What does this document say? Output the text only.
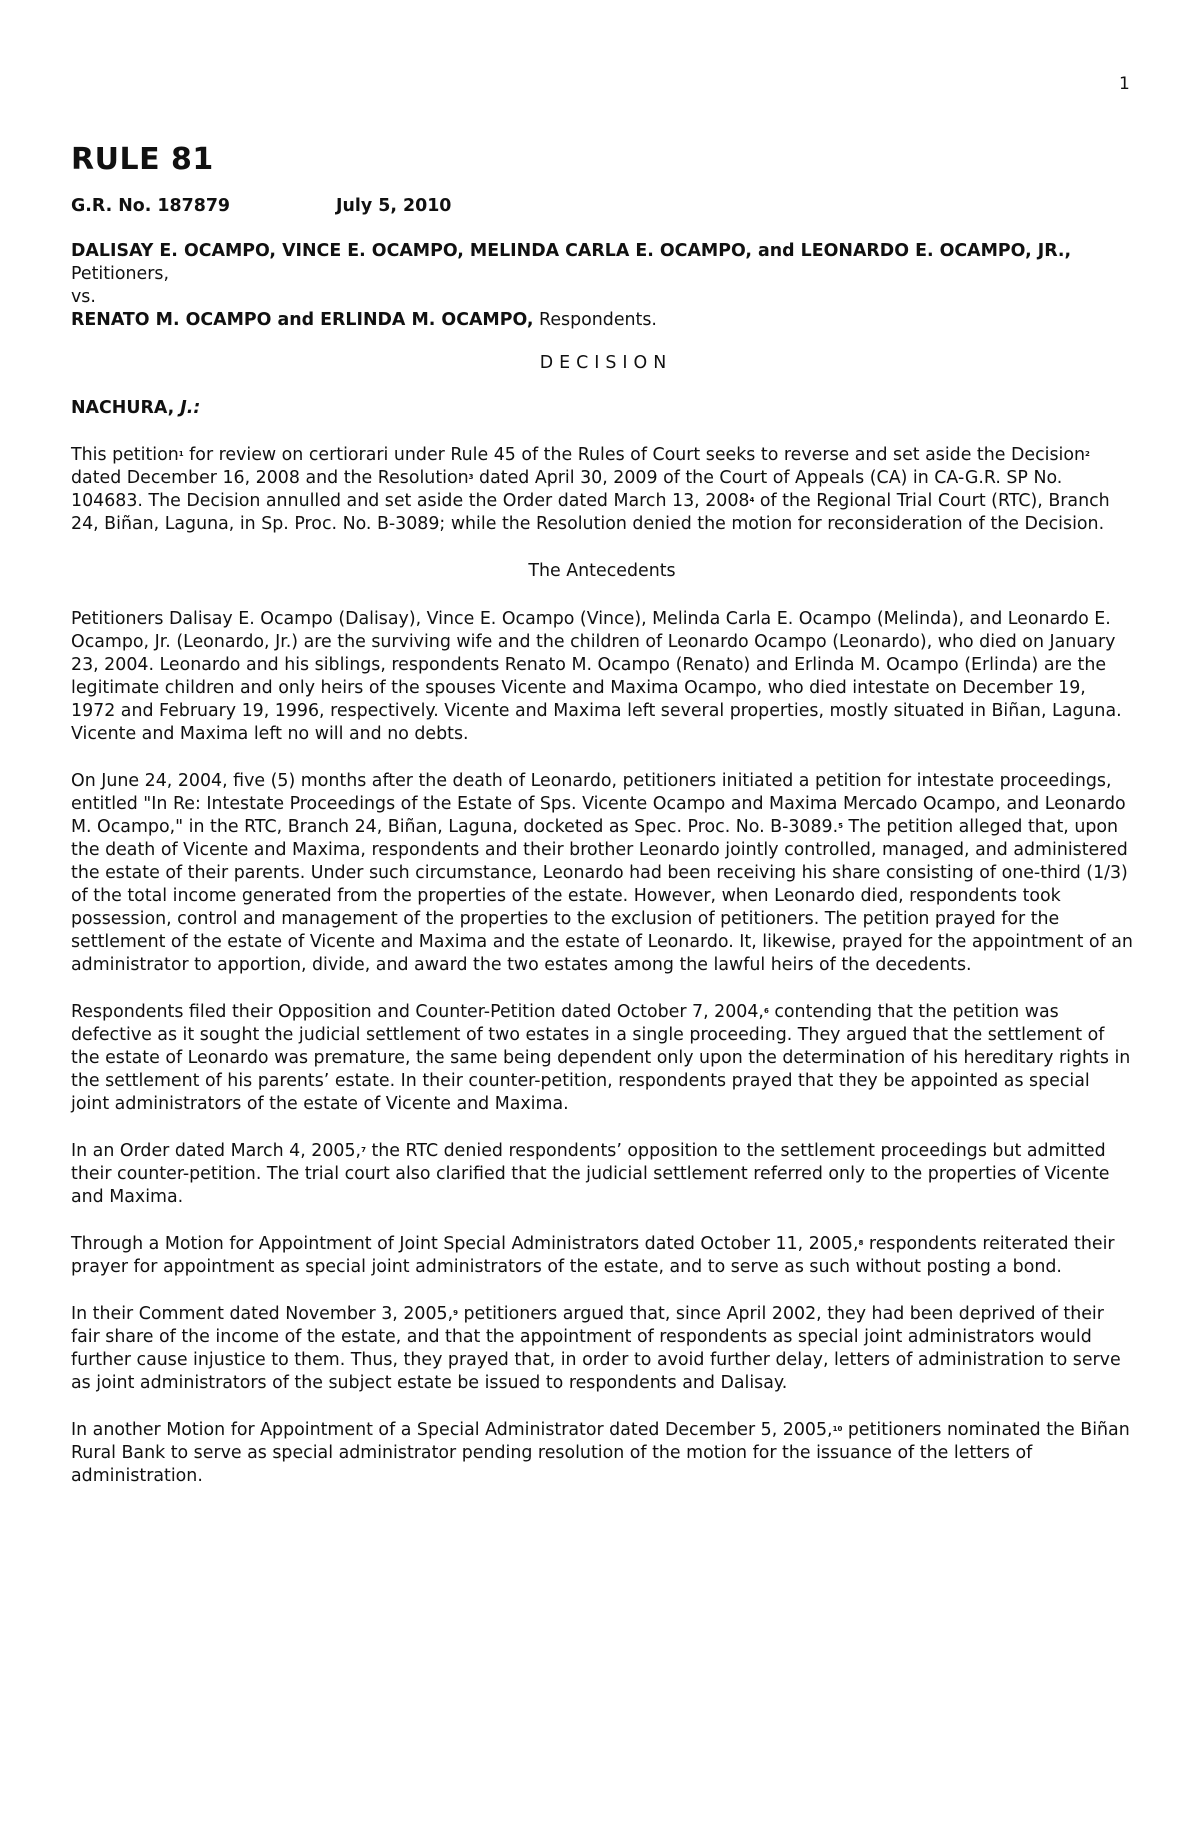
1
RULE 81
G.R. No. 187879	July 5, 2010
DALISAY E. OCAMPO, VINCE E. OCAMPO, MELINDA CARLA E. OCAMPO, and LEONARDO E. OCAMPO, JR., Petitioners,
vs.
RENATO M. OCAMPO and ERLINDA M. OCAMPO, Respondents.
DECISION
NACHURA, J.:

This petition$^1$ for review on certiorari under Rule 45 of the Rules of Court seeks to reverse and set aside the Decision$^2$ dated December 16, 2008 and the Resolution$^3$ dated April 30, 2009 of the Court of Appeals (CA) in CA-G.R. SP No. 104683. The Decision annulled and set aside the Order dated March 13, 2008$^4$ of the Regional Trial Court (RTC), Branch 24, Biñan, Laguna, in Sp. Proc. No. B-3089; while the Resolution denied the motion for reconsideration of the Decision.

The Antecedents

Petitioners Dalisay E. Ocampo (Dalisay), Vince E. Ocampo (Vince), Melinda Carla E. Ocampo (Melinda), and Leonardo E. Ocampo, Jr. (Leonardo, Jr.) are the surviving wife and the children of Leonardo Ocampo (Leonardo), who died on January 23, 2004. Leonardo and his siblings, respondents Renato M. Ocampo (Renato) and Erlinda M. Ocampo (Erlinda) are the legitimate children and only heirs of the spouses Vicente and Maxima Ocampo, who died intestate on December 19, 1972 and February 19, 1996, respectively. Vicente and Maxima left several properties, mostly situated in Biñan, Laguna. Vicente and Maxima left no will and no debts.

On June 24, 2004, five (5) months after the death of Leonardo, petitioners initiated a petition for intestate proceedings, entitled "In Re: Intestate Proceedings of the Estate of Sps. Vicente Ocampo and Maxima Mercado Ocampo, and Leonardo M. Ocampo," in the RTC, Branch 24, Biñan, Laguna, docketed as Spec. Proc. No. B-3089.$^5$ The petition alleged that, upon the death of Vicente and Maxima, respondents and their brother Leonardo jointly controlled, managed, and administered the estate of their parents. Under such circumstance, Leonardo had been receiving his share consisting of one-third (1/3) of the total income generated from the properties of the estate. However, when Leonardo died, respondents took possession, control and management of the properties to the exclusion of petitioners. The petition prayed for the settlement of the estate of Vicente and Maxima and the estate of Leonardo. It, likewise, prayed for the appointment of an administrator to apportion, divide, and award the two estates among the lawful heirs of the decedents.

Respondents filed their Opposition and Counter-Petition dated October 7, 2004,$^6$ contending that the petition was defective as it sought the judicial settlement of two estates in a single proceeding. They argued that the settlement of the estate of Leonardo was premature, the same being dependent only upon the determination of his hereditary rights in the settlement of his parents’ estate. In their counter-petition, respondents prayed that they be appointed as special joint administrators of the estate of Vicente and Maxima.

In an Order dated March 4, 2005,$^7$ the RTC denied respondents’ opposition to the settlement proceedings but admitted their counter-petition. The trial court also clarified that the judicial settlement referred only to the properties of Vicente and Maxima.

Through a Motion for Appointment of Joint Special Administrators dated October 11, 2005,$^8$ respondents reiterated their prayer for appointment as special joint administrators of the estate, and to serve as such without posting a bond.

In their Comment dated November 3, 2005,$^9$ petitioners argued that, since April 2002, they had been deprived of their fair share of the income of the estate, and that the appointment of respondents as special joint administrators would further cause injustice to them. Thus, they prayed that, in order to avoid further delay, letters of administration to serve as joint administrators of the subject estate be issued to respondents and Dalisay.

In another Motion for Appointment of a Special Administrator dated December 5, 2005,10 petitioners nominated the Biñan Rural Bank to serve as special administrator pending resolution of the motion for the issuance of the letters of administration.
